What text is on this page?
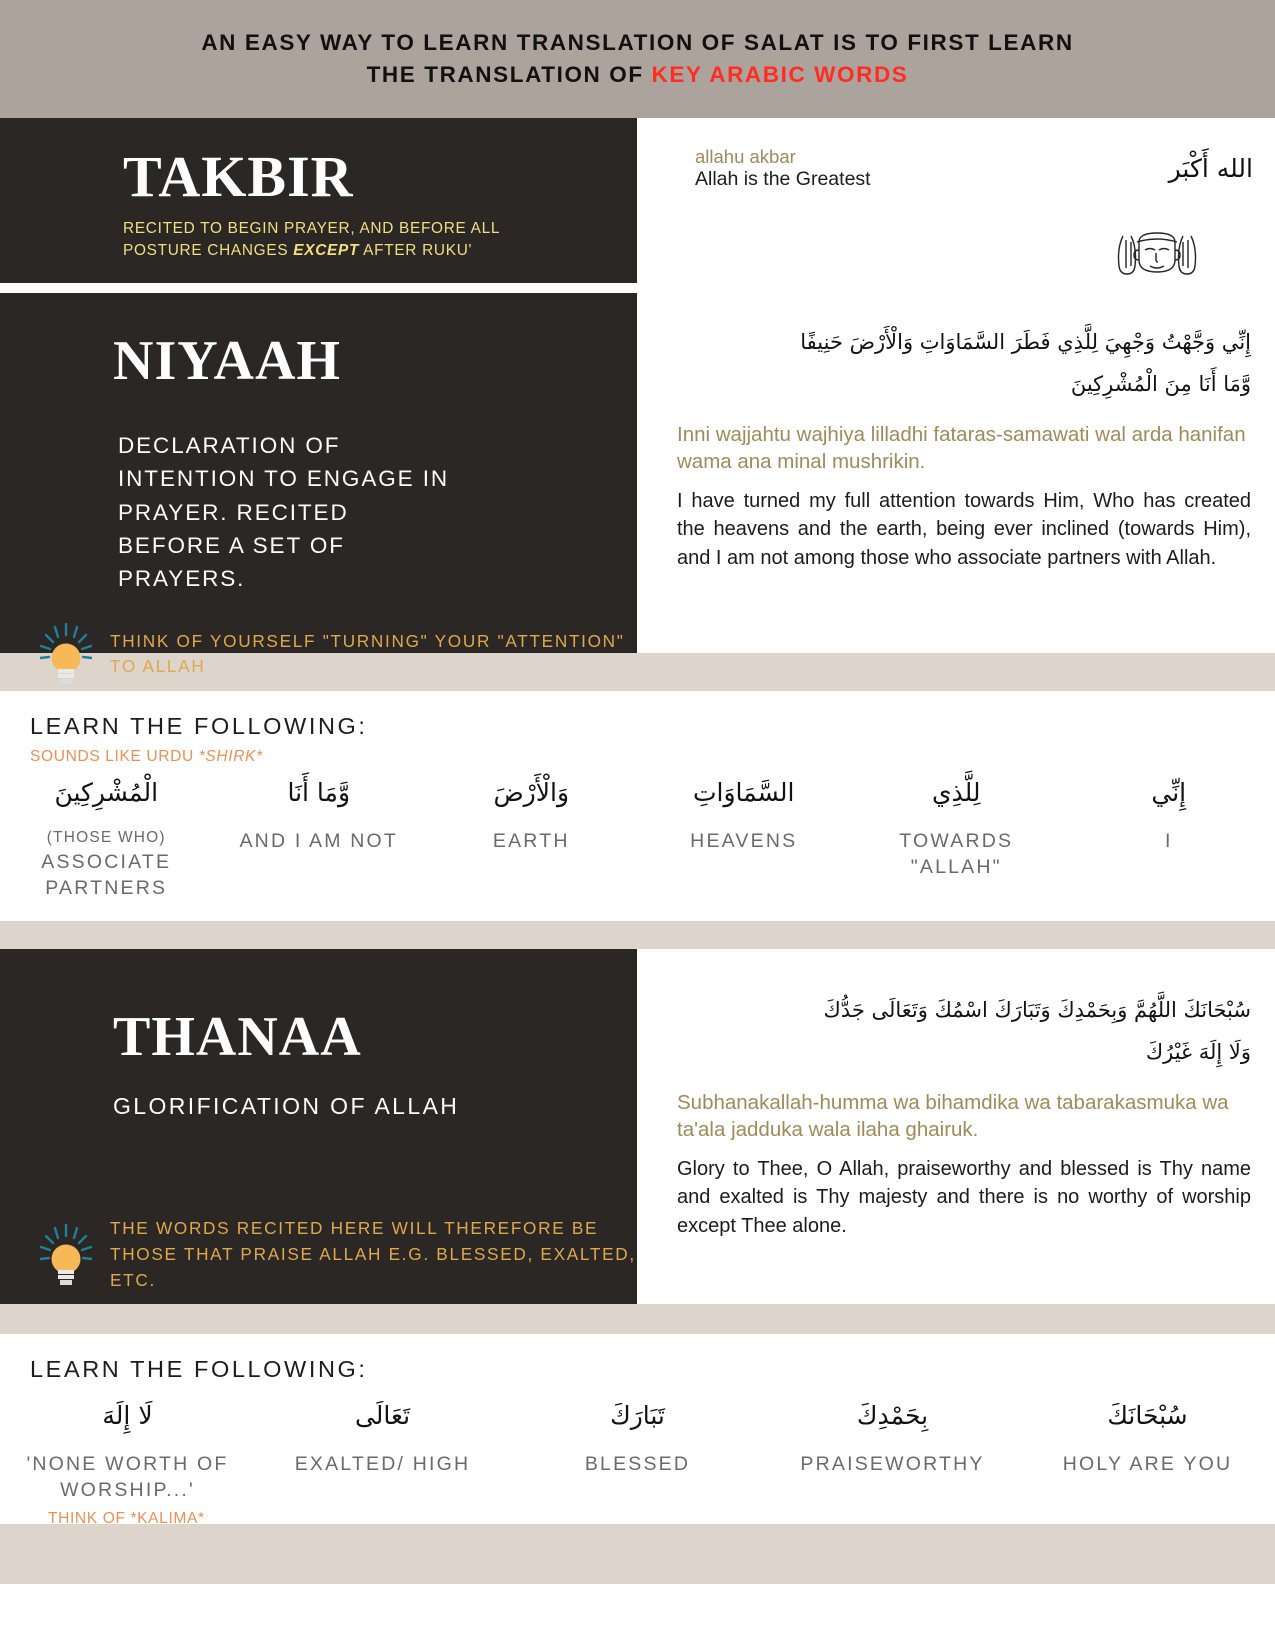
AN EASY WAY TO LEARN TRANSLATION OF SALAT IS TO FIRST LEARN
THE TRANSLATION OF KEY ARABIC WORDS
TAKBIR
RECITED TO BEGIN PRAYER, AND BEFORE ALL POSTURE CHANGES EXCEPT AFTER RUKU'
allahu akbar
Allah is the Greatest	الله أَكْبَر
NIYAAH
DECLARATION OF INTENTION TO ENGAGE IN PRAYER. RECITED BEFORE A SET OF PRAYERS.
THINK OF YOURSELF "TURNING" YOUR "ATTENTION" TO ALLAH
إِنِّي وَجَّهْتُ وَجْهِيَ لِلَّذِي فَطَرَ السَّمَاوَاتِ وَالْأَرْضَ حَنِيفًا
وَّمَا أَنَا مِنَ الْمُشْرِكِينَ
Inni wajjahtu wajhiya lilladhi fataras-samawati wal arda hanifan wama ana minal mushrikin.
I have turned my full attention towards Him, Who has created the heavens and the earth, being ever inclined (towards Him), and I am not among those who associate partners with Allah.
LEARN THE FOLLOWING:
SOUNDS LIKE URDU *SHIRK*
إِنِّي
I
لِلَّذِي
TOWARDS "ALLAH"
السَّمَاوَاتِ
HEAVENS
وَالْأَرْضَ
EARTH
وَّمَا أَنَا
AND I AM NOT
الْمُشْرِكِينَ
(THOSE WHO)
ASSOCIATE PARTNERS
THANAA
GLORIFICATION OF ALLAH
THE WORDS RECITED HERE WILL THEREFORE BE THOSE THAT PRAISE ALLAH E.G. BLESSED, EXALTED, ETC.
سُبْحَانَكَ اللَّهُمَّ وَبِحَمْدِكَ وَتَبَارَكَ اسْمُكَ وَتَعَالَى جَدُّكَ
وَلَا إِلَهَ غَيْرُكَ
Subhanakallah-humma wa bihamdika wa tabarakasmuka wa ta'ala jadduka wala ilaha ghairuk.
Glory to Thee, O Allah, praiseworthy and blessed is Thy name and exalted is Thy majesty and there is no worthy of worship except Thee alone.
LEARN THE FOLLOWING:
سُبْحَانَكَ
HOLY ARE YOU
بِحَمْدِكَ
PRAISEWORTHY
تَبَارَكَ
BLESSED
تَعَالَى
EXALTED/ HIGH
لَا إِلَهَ
'NONE WORTH OF WORSHIP...'
THINK OF *KALIMA*
